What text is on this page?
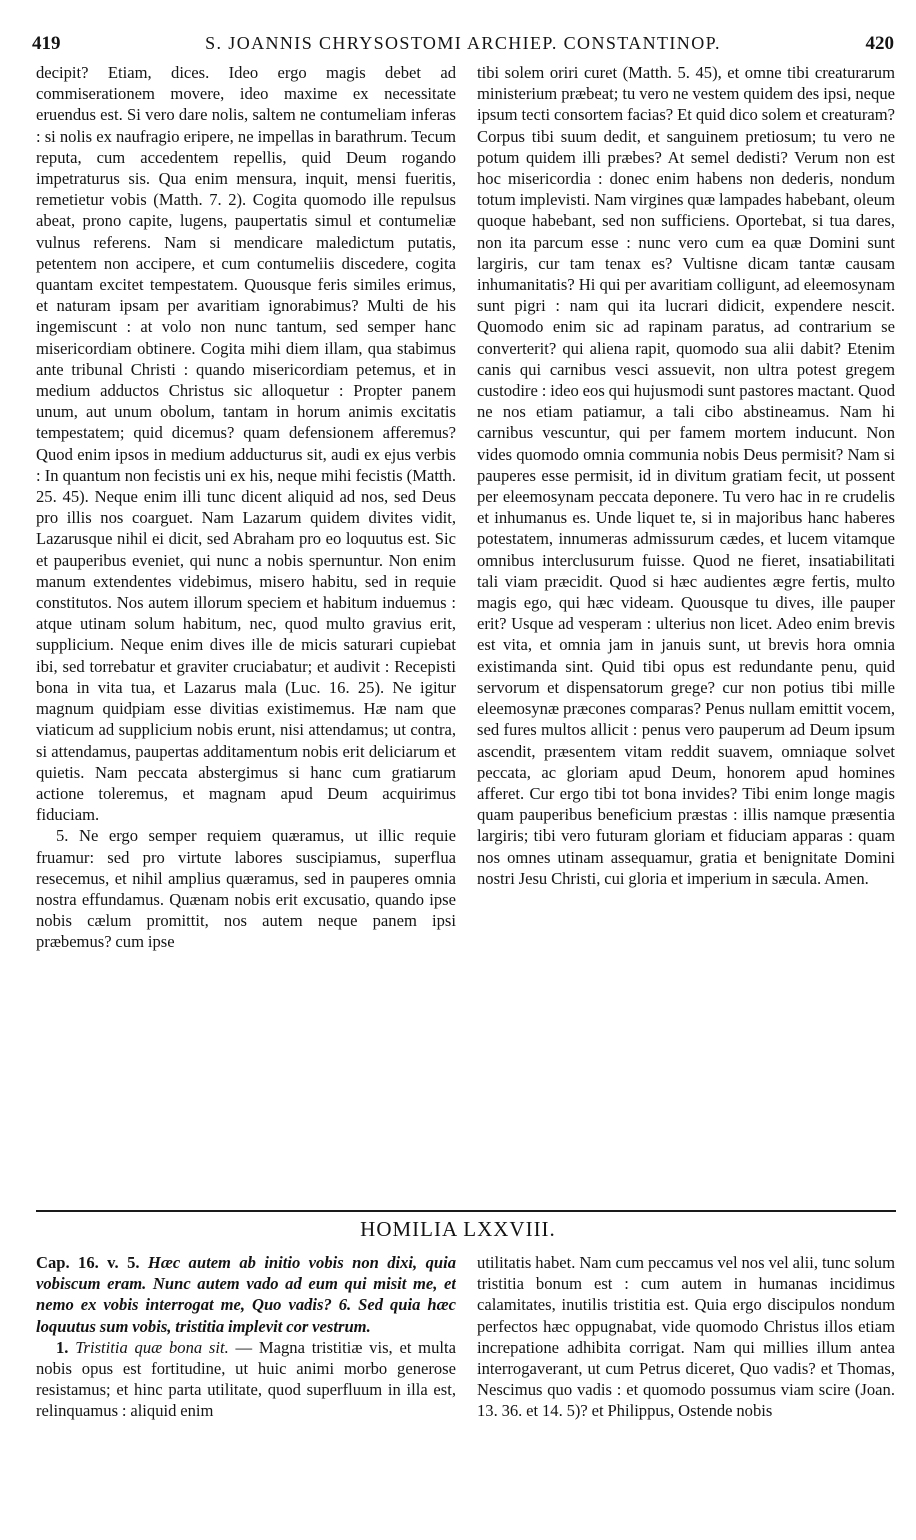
419	S. JOANNIS CHRYSOSTOMI ARCHIEP. CONSTANTINOP.	420

decipit? Etiam, dices. Ideo ergo magis debet ad commiserationem movere, ideo maxime ex necessitate eruendus est. Si vero dare nolis, saltem ne contumeliam inferas : si nolis ex naufragio eripere, ne impellas in barathrum. Tecum reputa, cum accedentem repellis, quid Deum rogando impetraturus sis. Qua enim mensura, inquit, mensi fueritis, remetietur vobis (Matth. 7. 2). Cogita quomodo ille repulsus abeat, prono capite, lugens, paupertatis simul et contumeliæ vulnus referens. Nam si mendicare maledictum putatis, petentem non accipere, et cum contumeliis discedere, cogita quantam excitet tempestatem. Quousque feris similes erimus, et naturam ipsam per avaritiam ignorabimus? Multi de his ingemiscunt : at volo non nunc tantum, sed semper hanc misericordiam obtinere. Cogita mihi diem illam, qua stabimus ante tribunal Christi : quando misericordiam petemus, et in medium adductos Christus sic alloquetur : Propter panem unum, aut unum obolum, tantam in horum animis excitatis tempestatem; quid dicemus? quam defensionem afferemus? Quod enim ipsos in medium adducturus sit, audi ex ejus verbis : In quantum non fecistis uni ex his, neque mihi fecistis (Matth. 25. 45). Neque enim illi tunc dicent aliquid ad nos, sed Deus pro illis nos coarguet. Nam Lazarum quidem divites vidit, Lazarusque nihil ei dicit, sed Abraham pro eo loquutus est. Sic et pauperibus eveniet, qui nunc a nobis spernuntur. Non enim manum extendentes videbimus, misero habitu, sed in requie constitutos. Nos autem illorum speciem et habitum induemus : atque utinam solum habitum, nec, quod multo gravius erit, supplicium. Neque enim dives ille de micis saturari cupiebat ibi, sed torrebatur et graviter cruciabatur; et audivit : Recepisti bona in vita tua, et Lazarus mala (Luc. 16. 25). Ne igitur magnum quidpiam esse divitias existimemus. Hæ nam que viaticum ad supplicium nobis erunt, nisi attendamus; ut contra, si attendamus, paupertas additamentum nobis erit deliciarum et quietis. Nam peccata abstergimus si hanc cum gratiarum actione toleremus, et magnam apud Deum acquirimus fiduciam.

5. Ne ergo semper requiem quæramus, ut illic requie fruamur: sed pro virtute labores suscipiamus, superflua resecemus, et nihil amplius quæramus, sed in pauperes omnia nostra effundamus. Quænam nobis erit excusatio, quando ipse nobis cælum promittit, nos autem neque panem ipsi præbemus? cum ipse

tibi solem oriri curet (Matth. 5. 45), et omne tibi creaturarum ministerium præbeat; tu vero ne vestem quidem des ipsi, neque ipsum tecti consortem facias? Et quid dico solem et creaturam? Corpus tibi suum dedit, et sanguinem pretiosum; tu vero ne potum quidem illi præbes? At semel dedisti? Verum non est hoc misericordia : donec enim habens non dederis, nondum totum implevisti. Nam virgines quæ lampades habebant, oleum quoque habebant, sed non sufficiens. Oportebat, si tua dares, non ita parcum esse : nunc vero cum ea quæ Domini sunt largiris, cur tam tenax es? Vultisne dicam tantæ causam inhumanitatis? Hi qui per avaritiam colligunt, ad eleemosynam sunt pigri : nam qui ita lucrari didicit, expendere nescit. Quomodo enim sic ad rapinam paratus, ad contrarium se converterit? qui aliena rapit, quomodo sua alii dabit? Etenim canis qui carnibus vesci assuevit, non ultra potest gregem custodire : ideo eos qui hujusmodi sunt pastores mactant. Quod ne nos etiam patiamur, a tali cibo abstineamus. Nam hi carnibus vescuntur, qui per famem mortem inducunt. Non vides quomodo omnia communia nobis Deus permisit? Nam si pauperes esse permisit, id in divitum gratiam fecit, ut possent per eleemosynam peccata deponere. Tu vero hac in re crudelis et inhumanus es. Unde liquet te, si in majoribus hanc haberes potestatem, innumeras admissurum cædes, et lucem vitamque omnibus interclusurum fuisse. Quod ne fieret, insatiabilitati tali viam præcidit. Quod si hæc audientes ægre fertis, multo magis ego, qui hæc videam. Quousque tu dives, ille pauper erit? Usque ad vesperam : ulterius non licet. Adeo enim brevis est vita, et omnia jam in januis sunt, ut brevis hora omnia existimanda sint. Quid tibi opus est redundante penu, quid servorum et dispensatorum grege? cur non potius tibi mille eleemosynæ præcones comparas? Penus nullam emittit vocem, sed fures multos allicit : penus vero pauperum ad Deum ipsum ascendit, præsentem vitam reddit suavem, omniaque solvet peccata, ac gloriam apud Deum, honorem apud homines afferet. Cur ergo tibi tot bona invides? Tibi enim longe magis quam pauperibus beneficium præstas : illis namque præsentia largiris; tibi vero futuram gloriam et fiduciam apparas : quam nos omnes utinam assequamur, gratia et benignitate Domini nostri Jesu Christi, cui gloria et imperium in sæcula. Amen.

HOMILIA LXXVIII.

Cap. 16. v. 5. Hæc autem ab initio vobis non dixi, quia vobiscum eram. Nunc autem vado ad eum qui misit me, et nemo ex vobis interrogat me, Quo vadis? 6. Sed quia hæc loquutus sum vobis, tristitia implevit cor vestrum.

1. Tristitia quæ bona sit. — Magna tristitiæ vis, et multa nobis opus est fortitudine, ut huic animi morbo generose resistamus; et hinc parta utilitate, quod superfluum in illa est, relinquamus : aliquid enim

utilitatis habet. Nam cum peccamus vel nos vel alii, tunc solum tristitia bonum est : cum autem in humanas incidimus calamitates, inutilis tristitia est. Quia ergo discipulos nondum perfectos hæc oppugnabat, vide quomodo Christus illos etiam increpatione adhibita corrigat. Nam qui millies illum antea interrogaverant, ut cum Petrus diceret, Quo vadis? et Thomas, Nescimus quo vadis : et quomodo possumus viam scire (Joan. 13. 36. et 14. 5)? et Philippus, Ostende nobis
